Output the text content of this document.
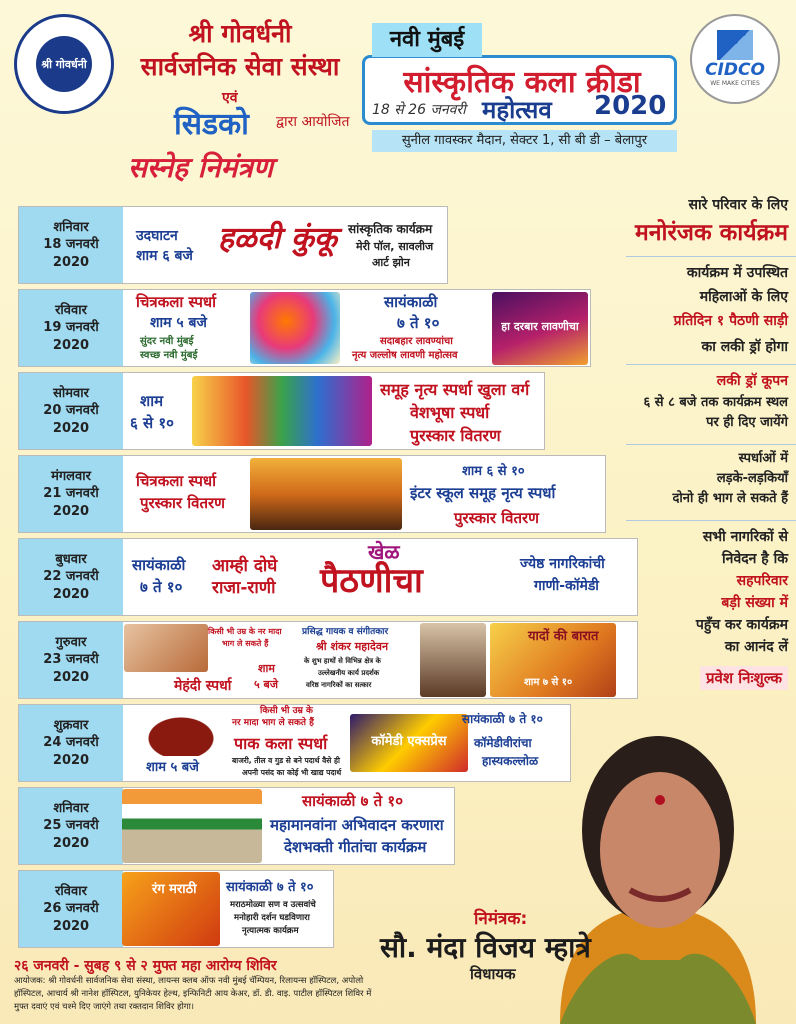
श्री गोवर्धनी
श्री गोवर्धनी
सार्वजनिक सेवा संस्था
एवं
सिडको द्वारा आयोजित
सस्नेह निमंत्रण
नवी मुंबई
सांस्कृतिक कला क्रीडा
18 से 26 जनवरी महोत्सव 2020
सुनील गावस्कर मैदान, सेक्टर 1, सी बी डी – बेलापुर
CIDCO
WE MAKE CITIES
शनिवार
18 जनवरी
2020
उदघाटन
शाम ६ बजे हळदी कुंकू सांस्कृतिक कार्यक्रम
मेरी पॉल, सावलीज
आर्ट झोन
रविवार
19 जनवरी
2020
चित्रकला स्पर्धा
शाम ५ बजे
सुंदर नवी मुंबई
स्वच्छ नवी मुंबई
सायंकाळी
७ ते १०
सदाबहार लावण्यांचा
नृत्य जल्लोष लावणी महोत्सव
हा दरबार लावणीचा
सोमवार
20 जनवरी
2020
शाम
६ से १०
समूह नृत्य स्पर्धा खुला वर्ग
वेशभूषा स्पर्धा
पुरस्कार वितरण
मंगलवार
21 जनवरी
2020
चित्रकला स्पर्धा
पुरस्कार वितरण
शाम ६ से १०
इंटर स्कूल समूह नृत्य स्पर्धा
पुरस्कार वितरण
बुधवार
22 जनवरी
2020
सायंकाळी
७ ते १०
आम्ही दोघे
राजा-राणी
खेळ
पैठणीचा	ज्येष्ठ नागरिकांची
गाणी-कॉमेडी
गुरुवार
23 जनवरी
2020
किसी भी उम्र के नर मादा
भाग ले सकते हैं
मेहंदी स्पर्धा
शाम
५ बजे
प्रसिद्ध गायक व संगीतकार
श्री शंकर महादेवन
के शुभ हाथों से विभिन्न क्षेत्र के
उल्लेखनीय कार्य प्रदर्शक
वरिष्ठ नागरिकों का सत्कार
यादों की बारात
शाम ७ से १०
शुक्रवार
24 जनवरी
2020	शाम ५ बजे
किसी भी उम्र के
नर मादा भाग ले सकते हैं
पाक कला स्पर्धा
बाजरी, तील व गुड से बने पदार्थ वैसे ही
अपनी पसंद का कोई भी खाद्य पदार्थ
कॉमेडी एक्सप्रेस
सायंकाळी ७ ते १०
कॉमेडीवीरांचा
हास्यकल्लोळ
शनिवार
25 जनवरी
2020
सायंकाळी ७ ते १०
महामानवांना अभिवादन करणारा
देशभक्ती गीतांचा कार्यक्रम
रविवार
26 जनवरी
2020
रंग मराठी सायंकाळी ७ ते १०
मराठमोळ्या सण व उत्सवांचे
मनोहारी दर्शन घडविणारा
नृत्यात्मक कार्यक्रम
सारे परिवार के लिए
मनोरंजक कार्यक्रम
कार्यक्रम में उपस्थित
महिलाओं के लिए
प्रतिदिन १ पैठणी साड़ी
का लकी ड्रॉ होगा
लकी ड्रॉ कूपन
६ से ८ बजे तक कार्यक्रम स्थल
पर ही दिए जायेंगे
स्पर्धाओं में
लड़के-लड़कियाँ
दोनो ही भाग ले सकते हैं
सभी नागरिकों से
निवेदन है कि
सहपरिवार
बड़ी संख्या में
पहुँच कर कार्यक्रम
का आनंद लें
प्रवेश निःशुल्क
निमंत्रक:
सौ. मंदा विजय म्हात्रे
विधायक
२६ जनवरी - सुबह ९ से २ मुफ्त महा आरोग्य शिविर
आयोजक: श्री गोवर्धनी सार्वजनिक सेवा संस्था, लायन्स क्लब ऑफ नवी मुंबई चॅम्पियन, रिलायन्स हॉस्पिटल, अपोलो हॉस्पिटल, आचार्य श्री नानेश हॉस्पिटल, युनिकेयर हेल्थ, इन्फिनिटी आय केअर, डॉ. डी. वाइ. पाटील हॉस्पिटल शिविर में मुफ्त दवाएं एवं चश्मे दिए जाएंगे तथा रक्तदान शिविर होगा।
